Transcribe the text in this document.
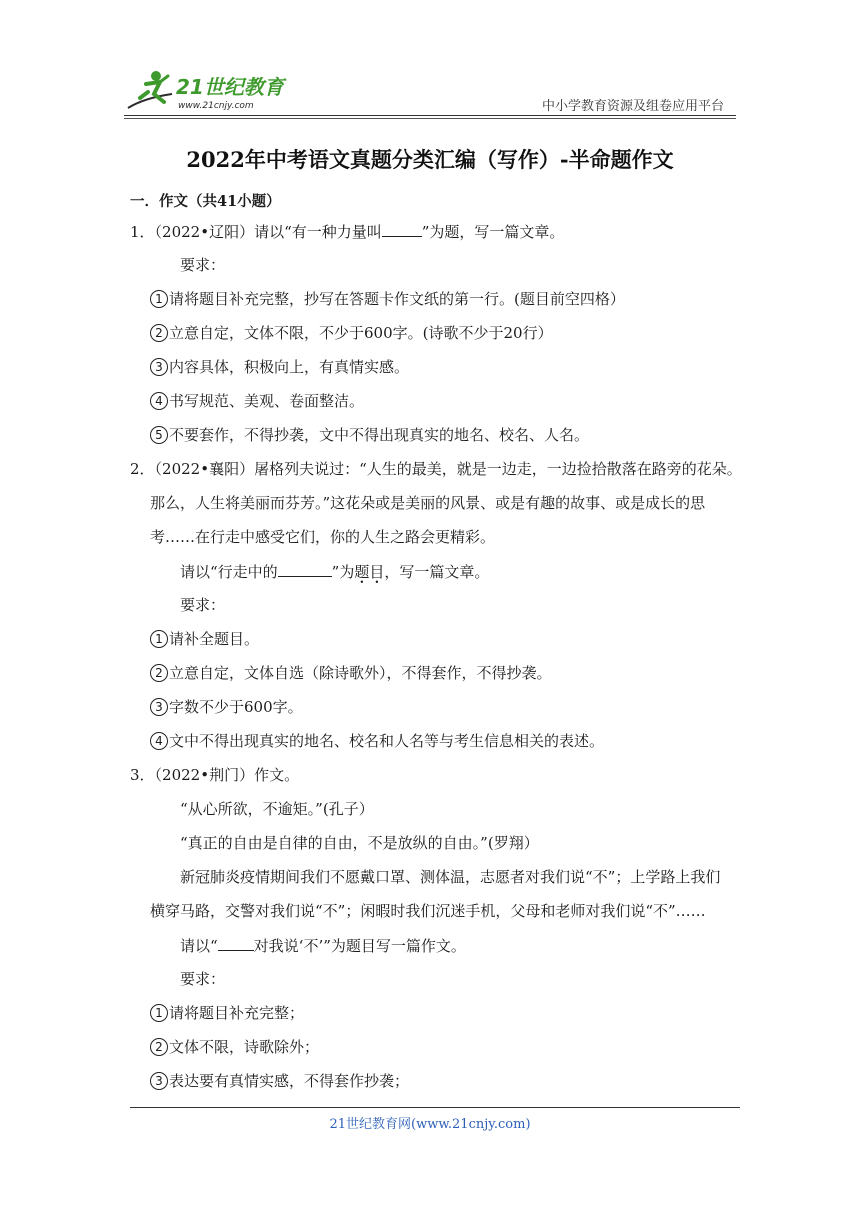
21世纪教育
www.21cnjy.com	中小学教育资源及组卷应用平台
2022年中考语文真题分类汇编（写作）-半命题作文
一．作文（共41小题）
1．（2022•辽阳）请以“有一种力量叫	”为题，写一篇文章。
要求：
1 请将题目补充完整，抄写在答题卡作文纸的第一行。(题目前空四格）
2 立意自定，文体不限，不少于600字。(诗歌不少于20行）
3 内容具体，积极向上，有真情实感。
4 书写规范、美观、卷面整洁。
5 不要套作，不得抄袭，文中不得出现真实的地名、校名、人名。
2．（2022•襄阳）屠格列夫说过：“人生的最美，就是一边走，一边捡拾散落在路旁的花朵。
那么，人生将美丽而芬芳。”这花朵或是美丽的风景、或是有趣的故事、或是成长的思
考……在行走中感受它们，你的人生之路会更精彩。
请以“行走中的	”为题目，写一篇文章。
要求：
1 请补全题目。
2 立意自定，文体自选（除诗歌外），不得套作，不得抄袭。
3 字数不少于600字。
4 文中不得出现真实的地名、校名和人名等与考生信息相关的表述。
3．（2022•荆门）作文。
“从心所欲，不逾矩。”(孔子）
“真正的自由是自律的自由，不是放纵的自由。”(罗翔）
新冠肺炎疫情期间我们不愿戴口罩、测体温，志愿者对我们说“不”；上学路上我们
横穿马路，交警对我们说“不”；闲暇时我们沉迷手机，父母和老师对我们说“不”……
请以“ 对我说‘不’”为题目写一篇作文。
要求：
1 请将题目补充完整；
2 文体不限，诗歌除外；
3 表达要有真情实感，不得套作抄袭；
21世纪教育网(www.21cnjy.com)
